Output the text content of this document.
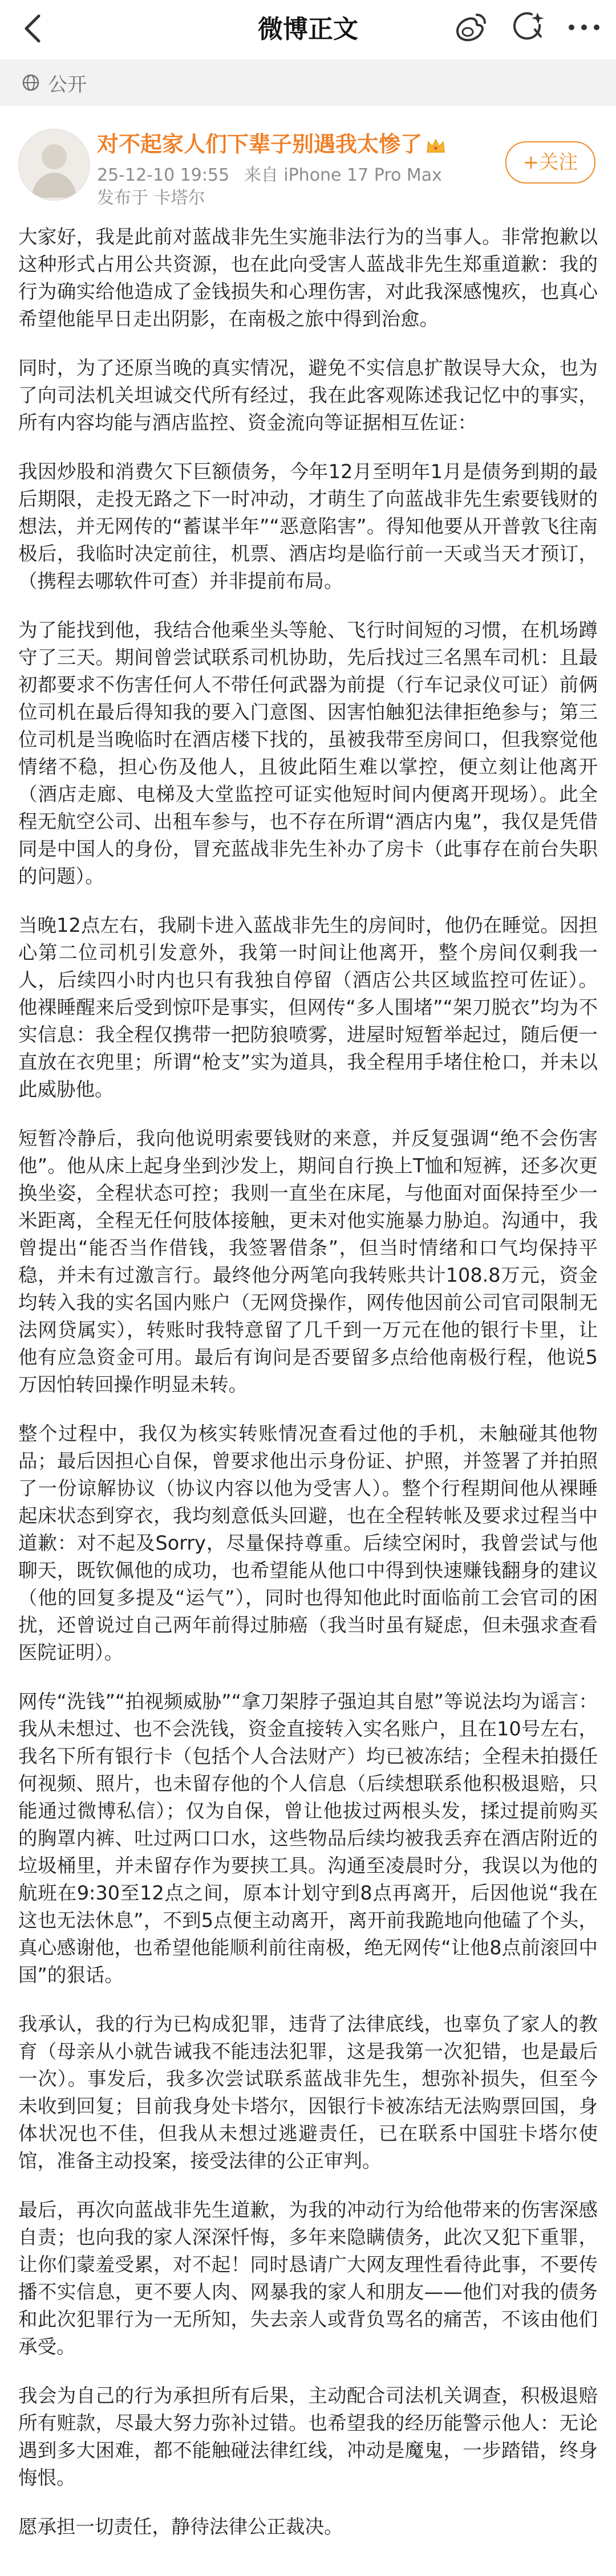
微博正文
公开
对不起家人们下辈子别遇我太惨了
25-12-10 19:55 来自 iPhone 17 Pro Max
发布于 卡塔尔
+关注

大家好，我是此前对蓝战非先生实施非法行为的当事人。非常抱歉以这种形式占用公共资源，也在此向受害人蓝战非先生郑重道歉：我的行为确实给他造成了金钱损失和心理伤害，对此我深感愧疚，也真心希望他能早日走出阴影，在南极之旅中得到治愈。

同时，为了还原当晚的真实情况，避免不实信息扩散误导大众，也为了向司法机关坦诚交代所有经过，我在此客观陈述我记忆中的事实，所有内容均能与酒店监控、资金流向等证据相互佐证：

我因炒股和消费欠下巨额债务，今年12月至明年1月是债务到期的最后期限，走投无路之下一时冲动，才萌生了向蓝战非先生索要钱财的想法，并无网传的“蓄谋半年”“恶意陷害”。得知他要从开普敦飞往南极后，我临时决定前往，机票、酒店均是临行前一天或当天才预订，（携程去哪软件可查）并非提前布局。

为了能找到他，我结合他乘坐头等舱、飞行时间短的习惯，在机场蹲守了三天。期间曾尝试联系司机协助，先后找过三名黑车司机：且最初都要求不伤害任何人不带任何武器为前提（行车记录仪可证）前俩位司机在最后得知我的要入门意图、因害怕触犯法律拒绝参与；第三位司机是当晚临时在酒店楼下找的，虽被我带至房间口，但我察觉他情绪不稳，担心伤及他人，且彼此陌生难以掌控，便立刻让他离开（酒店走廊、电梯及大堂监控可证实他短时间内便离开现场）。此全程无航空公司、出租车参与，也不存在所谓“酒店内鬼”，我仅是凭借同是中国人的身份，冒充蓝战非先生补办了房卡（此事存在前台失职的问题）。

当晚12点左右，我刷卡进入蓝战非先生的房间时，他仍在睡觉。因担心第二位司机引发意外，我第一时间让他离开，整个房间仅剩我一人，后续四小时内也只有我独自停留（酒店公共区域监控可佐证）。他裸睡醒来后受到惊吓是事实，但网传“多人围堵”“架刀脱衣”均为不实信息：我全程仅携带一把防狼喷雾，进屋时短暂举起过，随后便一直放在衣兜里；所谓“枪支”实为道具，我全程用手堵住枪口，并未以此威胁他。

短暂冷静后，我向他说明索要钱财的来意，并反复强调“绝不会伤害他”。他从床上起身坐到沙发上，期间自行换上T恤和短裤，还多次更换坐姿，全程状态可控；我则一直坐在床尾，与他面对面保持至少一米距离，全程无任何肢体接触，更未对他实施暴力胁迫。沟通中，我曾提出“能否当作借钱，我签署借条”，但当时情绪和口气均保持平稳，并未有过激言行。最终他分两笔向我转账共计108.8万元，资金均转入我的实名国内账户（无网贷操作，网传他因前公司官司限制无法网贷属实），转账时我特意留了几千到一万元在他的银行卡里，让他有应急资金可用。最后有询问是否要留多点给他南极行程，他说5万因怕转回操作明显未转。

整个过程中，我仅为核实转账情况查看过他的手机，未触碰其他物品；最后因担心自保，曾要求他出示身份证、护照，并签署了并拍照了一份谅解协议（协议内容以他为受害人）。整个行程期间他从裸睡起床状态到穿衣，我均刻意低头回避，也在全程转帐及要求过程当中道歉：对不起及Sorry，尽量保持尊重。后续空闲时，我曾尝试与他聊天，既钦佩他的成功，也希望能从他口中得到快速赚钱翻身的建议（他的回复多提及“运气”），同时也得知他此时面临前工会官司的困扰，还曾说过自己两年前得过肺癌（我当时虽有疑虑，但未强求查看医院证明）。

网传“洗钱”“拍视频威胁”“拿刀架脖子强迫其自慰”等说法均为谣言：我从未想过、也不会洗钱，资金直接转入实名账户，且在10号左右，我名下所有银行卡（包括个人合法财产）均已被冻结；全程未拍摄任何视频、照片，也未留存他的个人信息（后续想联系他积极退赔，只能通过微博私信）；仅为自保，曾让他拔过两根头发，揉过提前购买的胸罩内裤、吐过两口口水，这些物品后续均被我丢弃在酒店附近的垃圾桶里，并未留存作为要挟工具。沟通至凌晨时分，我误以为他的航班在9:30至12点之间，原本计划守到8点再离开，后因他说“我在这也无法休息”，不到5点便主动离开，离开前我跪地向他磕了个头，真心感谢他，也希望他能顺利前往南极，绝无网传“让他8点前滚回中国”的狠话。

我承认，我的行为已构成犯罪，违背了法律底线，也辜负了家人的教育（母亲从小就告诫我不能违法犯罪，这是我第一次犯错，也是最后一次）。事发后，我多次尝试联系蓝战非先生，想弥补损失，但至今未收到回复；目前我身处卡塔尔，因银行卡被冻结无法购票回国，身体状况也不佳，但我从未想过逃避责任，已在联系中国驻卡塔尔使馆，准备主动投案，接受法律的公正审判。

最后，再次向蓝战非先生道歉，为我的冲动行为给他带来的伤害深感自责；也向我的家人深深忏悔，多年来隐瞒债务，此次又犯下重罪，让你们蒙羞受累，对不起！同时恳请广大网友理性看待此事，不要传播不实信息，更不要人肉、网暴我的家人和朋友——他们对我的债务和此次犯罪行为一无所知，失去亲人或背负骂名的痛苦，不该由他们承受。

我会为自己的行为承担所有后果，主动配合司法机关调查，积极退赔所有赃款，尽最大努力弥补过错。也希望我的经历能警示他人：无论遇到多大困难，都不能触碰法律红线，冲动是魔鬼，一步踏错，终身悔恨。

愿承担一切责任，静待法律公正裁决。
